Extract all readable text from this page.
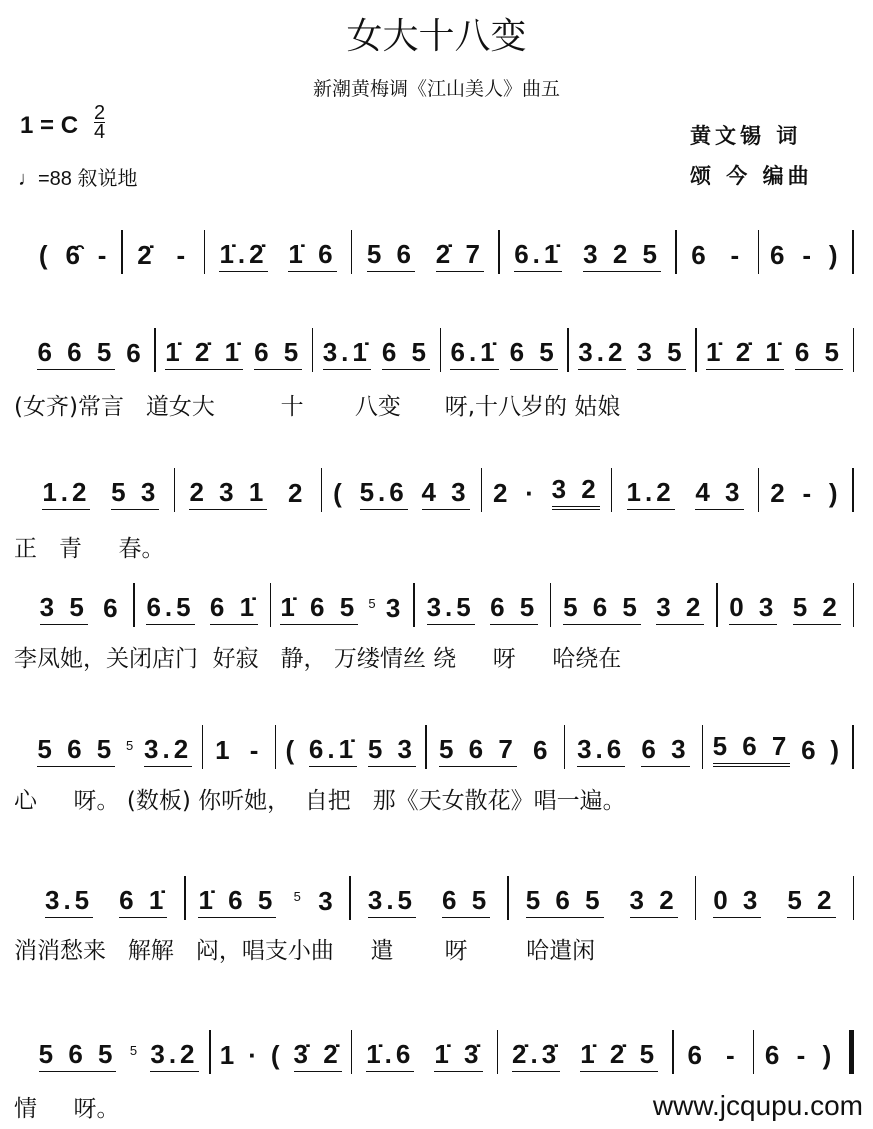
女大十八变
新潮黄梅调《江山美人》曲五
1 = C 2
4
♩=88 叙说地
黄文锡 词
颂 今 编曲
( 6̑ - 2̇ - 1̇.2̇ 1̇ 6 5 6 2̇ 7 6.1̇ 3 2 5 6 - 6 - )
6 6 5 6 1̇ 2̇ 1̇ 6 5 3.1̇ 6 5 6.1̇ 6 5 3.2 3 5 1̇ 2̇ 1̇ 6 5
1.2 5 3 2 3 1 2 ( 5.6 4 3 2 · 3 2 1.2 4 3 2 - )
3 5 6 6.5 6 1̇ 1̇ 6 5 5 3 3.5 6 5 5 6 5 3 2 0 3 5 2
5 6 5 5 3.2 1 - ( 6.1̇ 5 3 5 6 7 6 3.6 6 3 5 6 7 6 )
3.5 6 1̇ 1̇ 6 5 5 3 3.5 6 5 5 6 5 3 2 0 3 5 2
5 6 5 5 3.2 1 · ( 3̇ 2̇ 1̇.6 1̇ 3̇ 2̇.3̇ 1̇ 2̇ 5 6 - 6 - )
(女齐)常言   道女大         十       八变      呀,十八岁的 姑娘
正   青     春。
李凤她，关闭店门  好寂   静， 万缕情丝 绕     呀     哈绕在
心     呀。 (数板) 你听她，  自把   那《天女散花》唱一遍。
消消愁来   解解   闷，唱支小曲     遣       呀        哈遣闲
情     呀。	www.jcqupu.com
